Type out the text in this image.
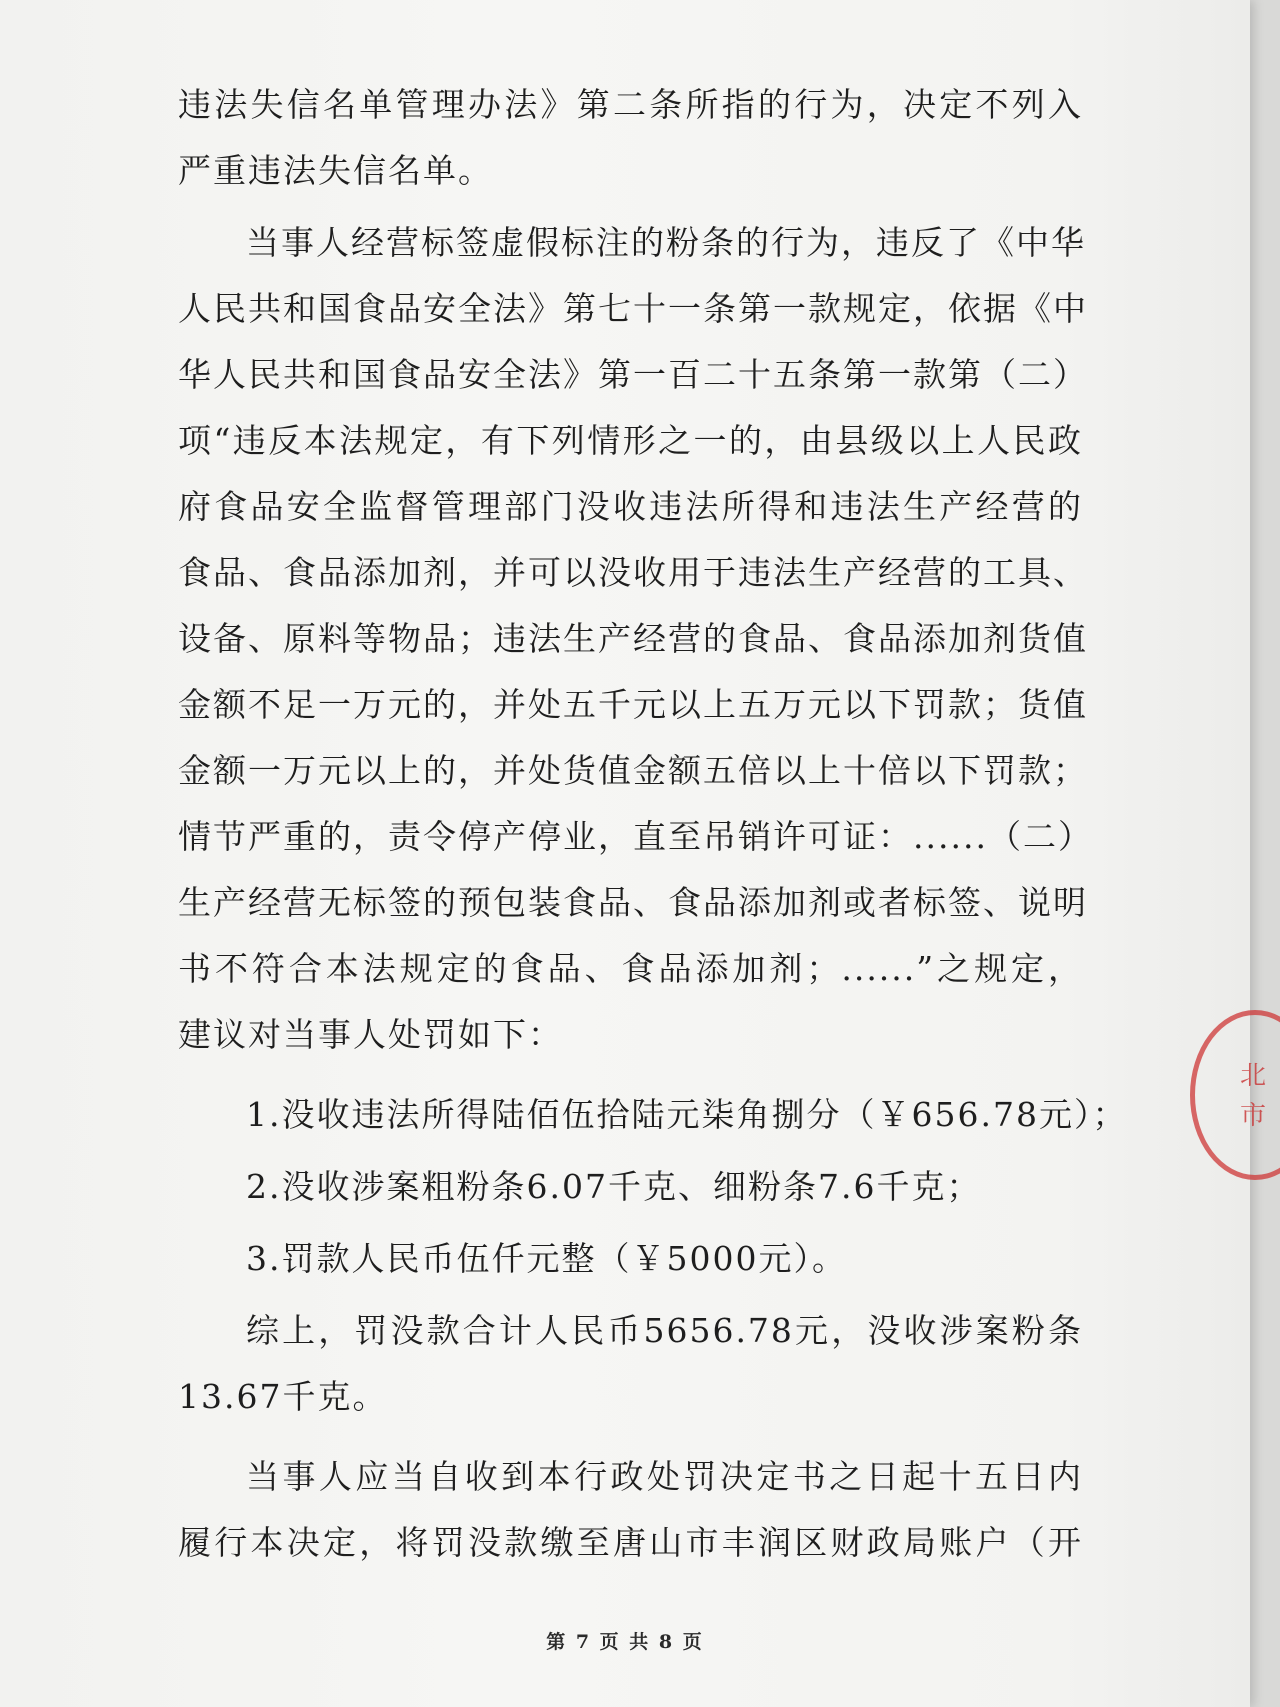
违法失信名单管理办法》第二条所指的行为，决定不列入
严重违法失信名单。
当事人经营标签虚假标注的粉条的行为，违反了《中华
人民共和国食品安全法》第七十一条第一款规定，依据《中
华人民共和国食品安全法》第一百二十五条第一款第（二）
项“违反本法规定，有下列情形之一的，由县级以上人民政
府食品安全监督管理部门没收违法所得和违法生产经营的
食品、食品添加剂，并可以没收用于违法生产经营的工具、
设备、原料等物品；违法生产经营的食品、食品添加剂货值
金额不足一万元的，并处五千元以上五万元以下罚款；货值
金额一万元以上的，并处货值金额五倍以上十倍以下罚款；
情节严重的，责令停产停业，直至吊销许可证：......（二）
生产经营无标签的预包装食品、食品添加剂或者标签、说明
书不符合本法规定的食品、食品添加剂；......”之规定，
建议对当事人处罚如下：
1.没收违法所得陆佰伍拾陆元柒角捌分（￥656.78元）；
2.没收涉案粗粉条6.07千克、细粉条7.6千克；
3.罚款人民币伍仟元整（￥5000元）。
综上，罚没款合计人民币5656.78元，没收涉案粉条
13.67千克。
当事人应当自收到本行政处罚决定书之日起十五日内
履行本决定，将罚没款缴至唐山市丰润区财政局账户（开
第 7 页 共 8 页
北
市
